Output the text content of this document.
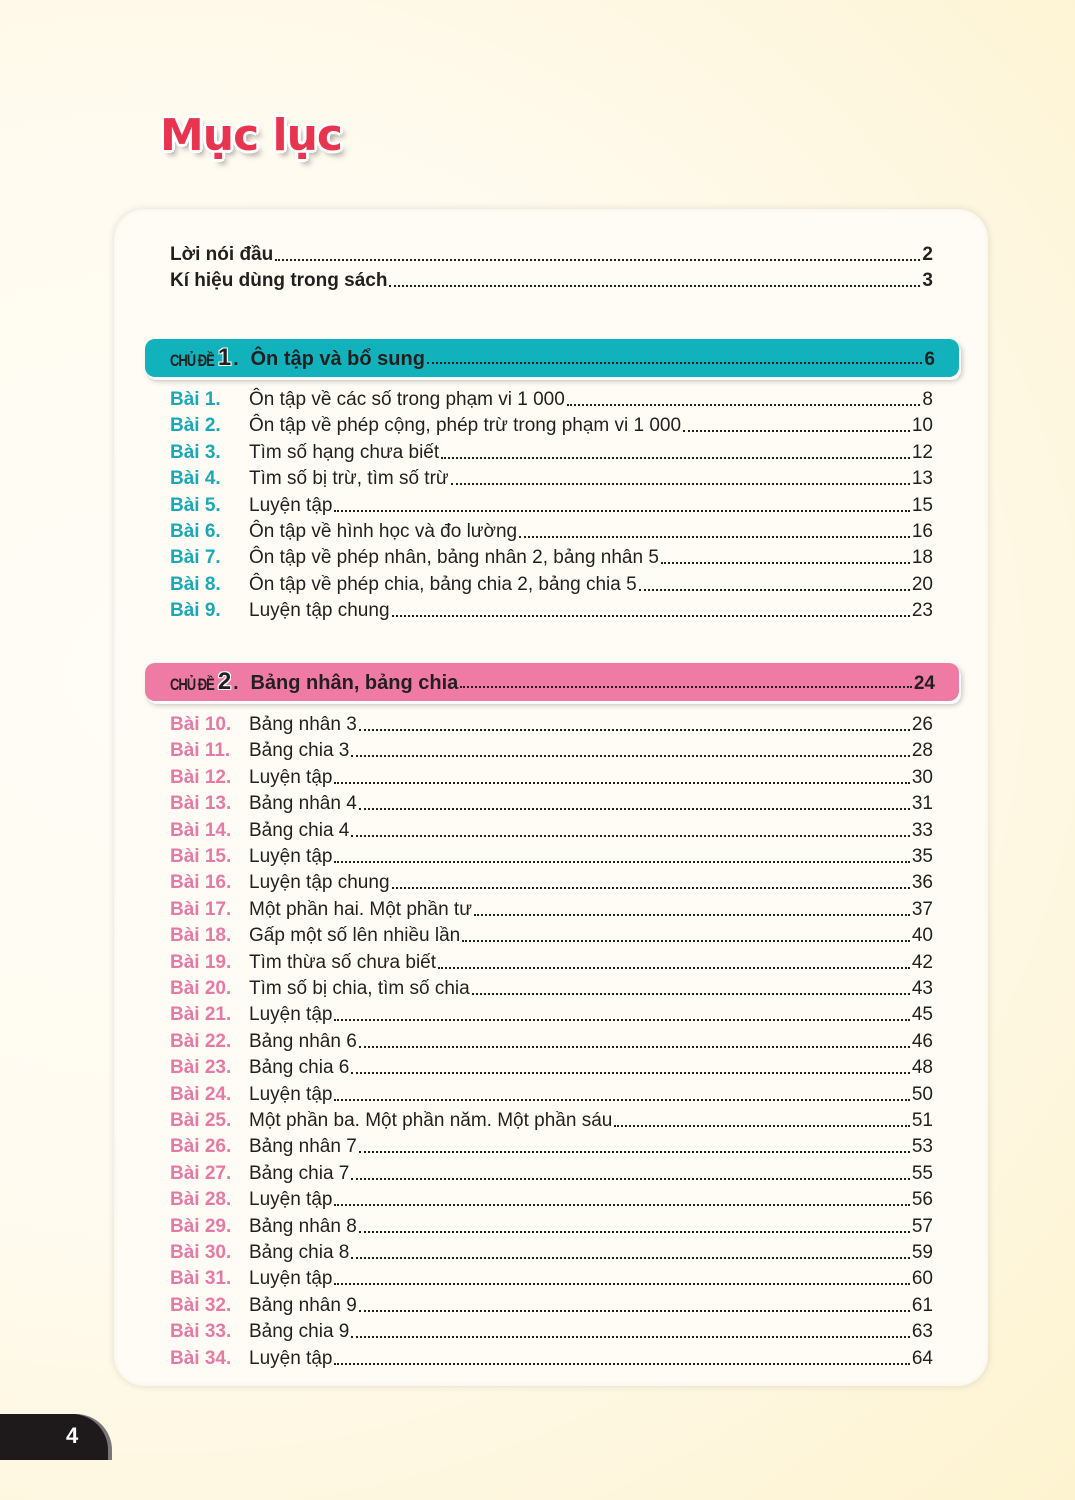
Mục lục
Lời nói đầu	2
Kí hiệu dùng trong sách	3
CHỦ ĐỀ 1 . Ôn tập và bổ sung	6
Bài 1.	Ôn tập về các số trong phạm vi 1 000	8
Bài 2.	Ôn tập về phép cộng, phép trừ trong phạm vi 1 000	10
Bài 3.	Tìm số hạng chưa biết	12
Bài 4.	Tìm số bị trừ, tìm số trừ	13
Bài 5.	Luyện tập	15
Bài 6.	Ôn tập về hình học và đo lường	16
Bài 7.	Ôn tập về phép nhân, bảng nhân 2, bảng nhân 5	18
Bài 8.	Ôn tập về phép chia, bảng chia 2, bảng chia 5	20
Bài 9.	Luyện tập chung	23
CHỦ ĐỀ 2 . Bảng nhân, bảng chia	24
Bài 10. Bảng nhân 3	26
Bài 11. Bảng chia 3	28
Bài 12. Luyện tập	30
Bài 13. Bảng nhân 4	31
Bài 14. Bảng chia 4	33
Bài 15. Luyện tập	35
Bài 16. Luyện tập chung	36
Bài 17. Một phần hai. Một phần tư	37
Bài 18. Gấp một số lên nhiều lần	40
Bài 19. Tìm thừa số chưa biết	42
Bài 20. Tìm số bị chia, tìm số chia	43
Bài 21. Luyện tập	45
Bài 22. Bảng nhân 6	46
Bài 23. Bảng chia 6	48
Bài 24. Luyện tập	50
Bài 25. Một phần ba. Một phần năm. Một phần sáu	51
Bài 26. Bảng nhân 7	53
Bài 27. Bảng chia 7	55
Bài 28. Luyện tập	56
Bài 29. Bảng nhân 8	57
Bài 30. Bảng chia 8	59
Bài 31. Luyện tập	60
Bài 32. Bảng nhân 9	61
Bài 33. Bảng chia 9	63
Bài 34. Luyện tập	64
4
